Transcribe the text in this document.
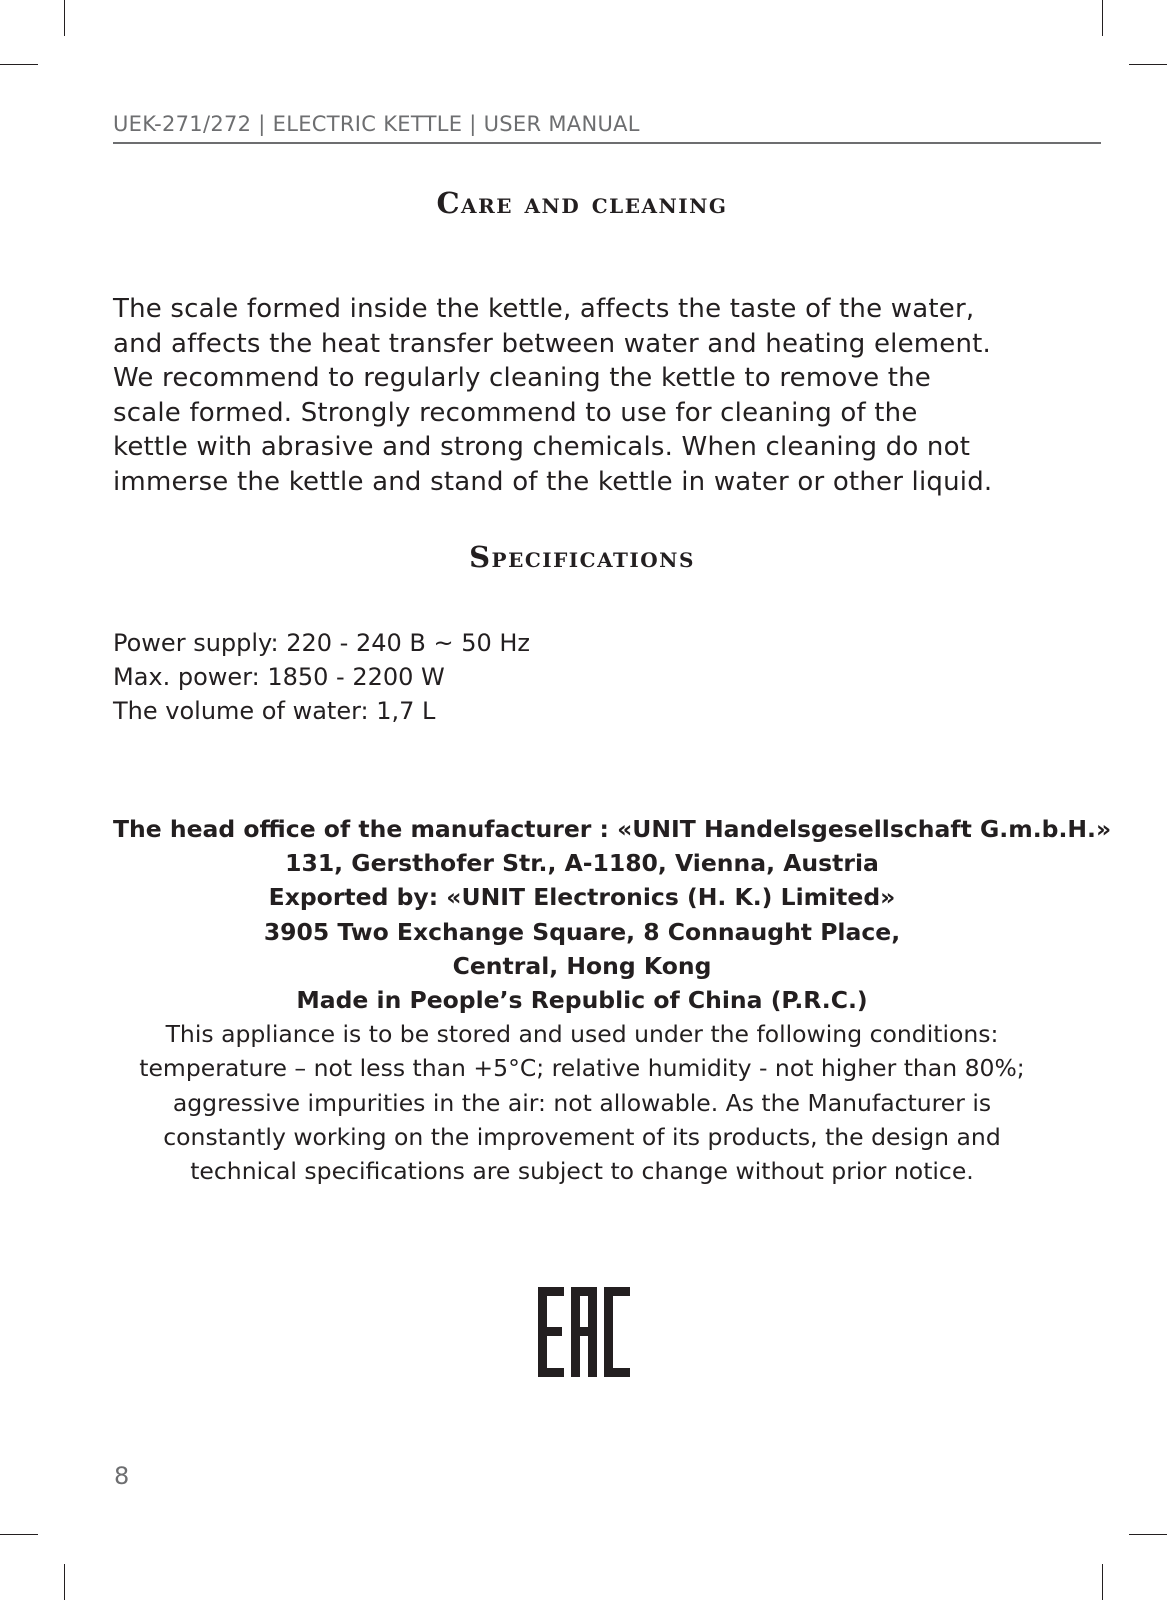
UEK-271/272 | ELECTRIC KETTLE | USER MANUAL
Care and cleaning
The scale formed inside the kettle, affects the taste of the water,
and affects the heat transfer between water and heating element.
We recommend to regularly cleaning the kettle to remove the
scale formed. Strongly recommend to use for cleaning of the
kettle with abrasive and strong chemicals. When cleaning do not
immerse the kettle and stand of the kettle in water or other liquid.
Specifications
Power supply: 220 - 240 B ~ 50 Hz
Max. power: 1850 - 2200 W
The volume of water: 1,7 L
The head office of the manufacturer : «UNIT Handelsgesellschaft G.m.b.H.»
131, Gersthofer Str., A-1180, Vienna, Austria
Exported by: «UNIT Electronics (H. K.) Limited»
3905 Two Exchange Square, 8 Connaught Place,
Central, Hong Kong
Made in People’s Republic of China (P.R.C.)
This appliance is to be stored and used under the following conditions:
temperature – not less than +5°C; relative humidity - not higher than 80%;
aggressive impurities in the air: not allowable. As the Manufacturer is
constantly working on the improvement of its products, the design and
technical specifications are subject to change without prior notice.
8
